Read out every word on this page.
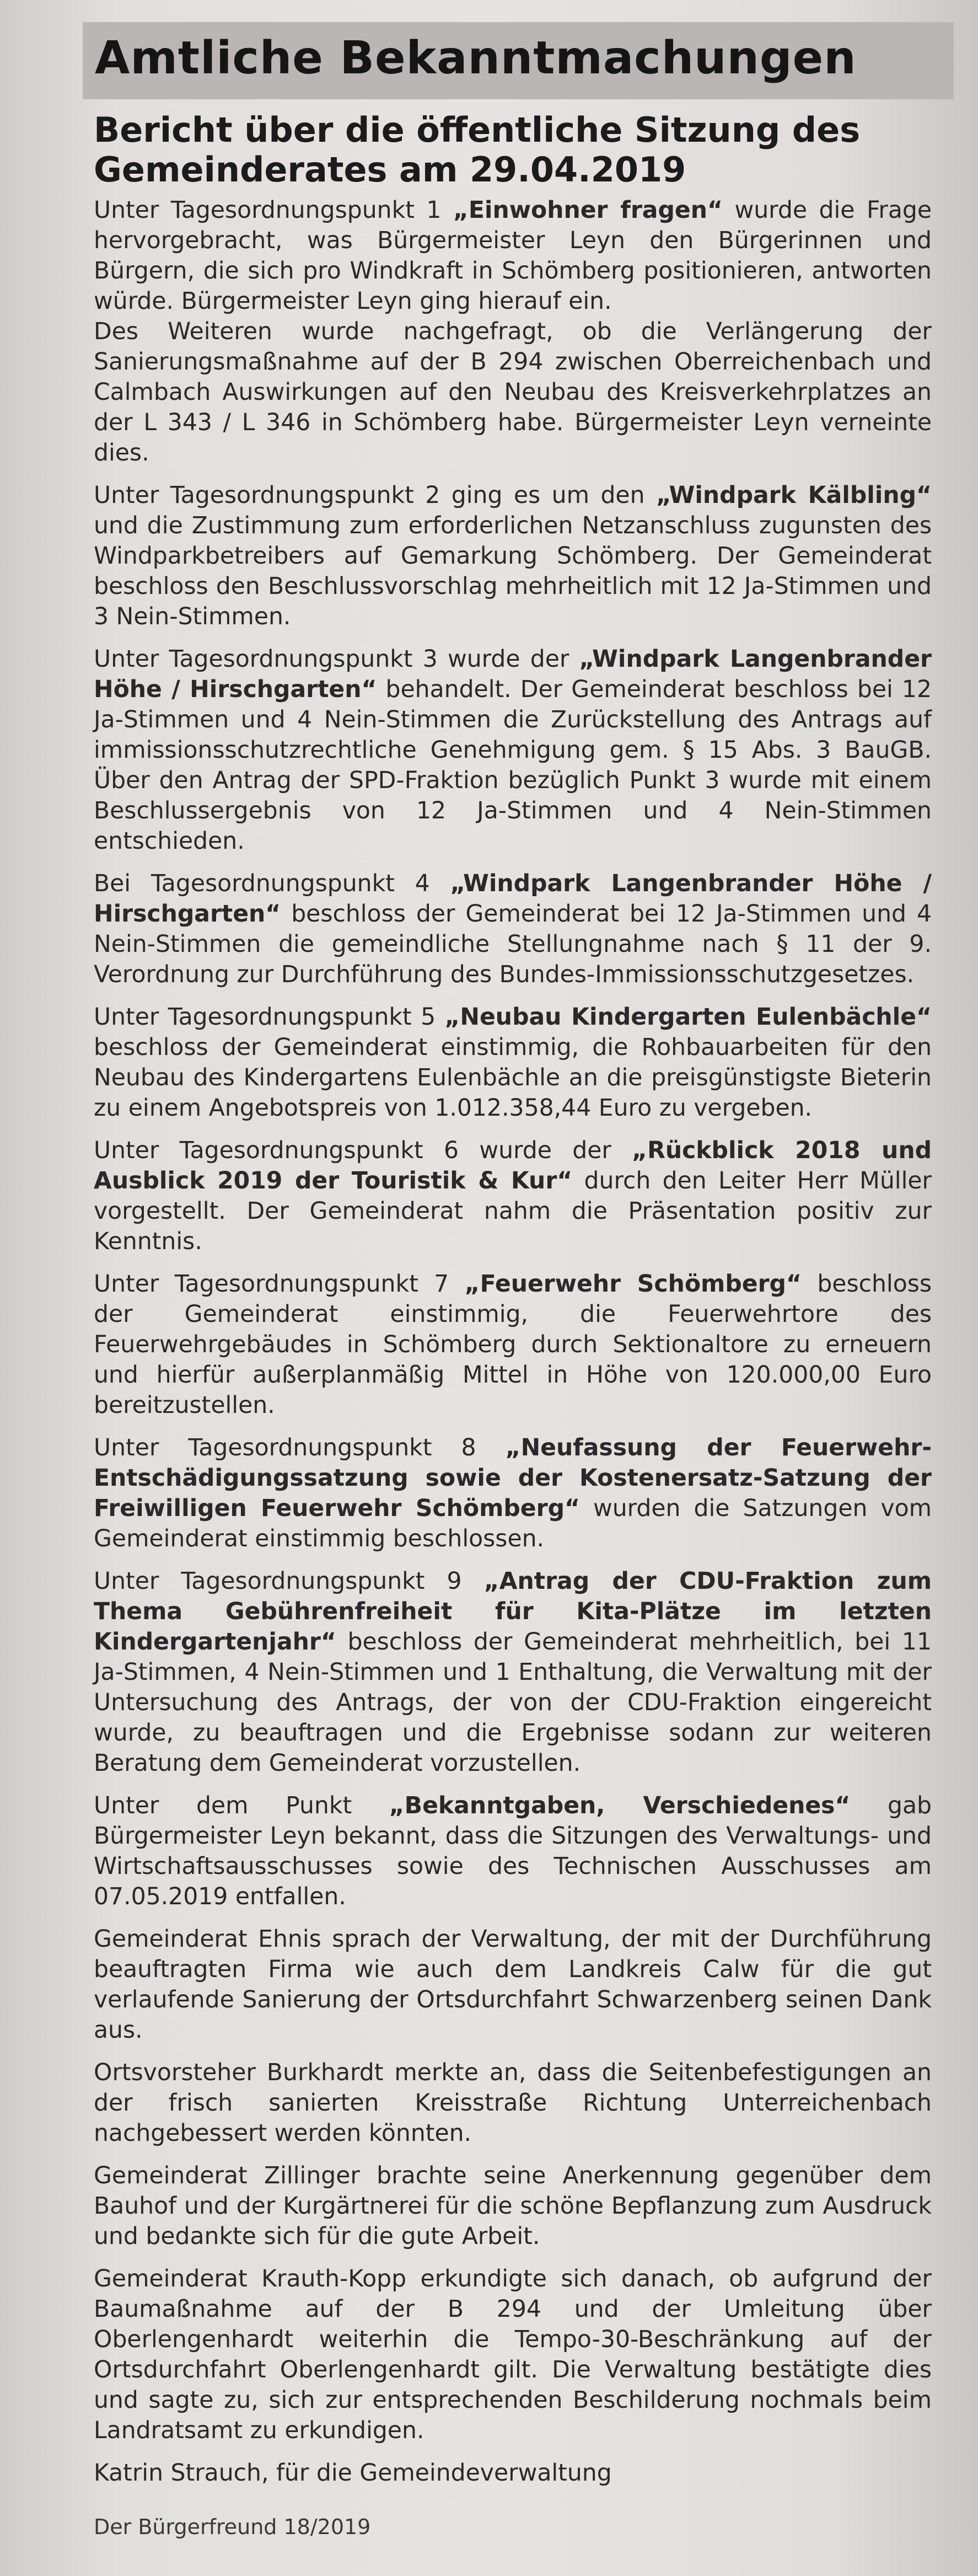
Amtliche Bekanntmachungen
Bericht über die öffentliche Sitzung des Gemeinderates am 29.04.2019

Unter Tagesordnungspunkt 1 „Einwohner fragen“ wurde die Frage hervorgebracht, was Bürgermeister Leyn den Bürgerinnen und Bürgern, die sich pro Windkraft in Schömberg positionieren, antworten würde. Bürgermeister Leyn ging hierauf ein.

Des Weiteren wurde nachgefragt, ob die Verlängerung der Sanierungsmaßnahme auf der B 294 zwischen Oberreichenbach und Calmbach Auswirkungen auf den Neubau des Kreisverkehrplatzes an der L 343 / L 346 in Schömberg habe. Bürgermeister Leyn verneinte dies.

Unter Tagesordnungspunkt 2 ging es um den „Windpark Kälbling“ und die Zustimmung zum erforderlichen Netzanschluss zugunsten des Windparkbetreibers auf Gemarkung Schömberg. Der Gemeinderat beschloss den Beschlussvorschlag mehrheitlich mit 12 Ja-Stimmen und 3 Nein-Stimmen.

Unter Tagesordnungspunkt 3 wurde der „Windpark Langenbrander Höhe / Hirschgarten“ behandelt. Der Gemeinderat beschloss bei 12 Ja-Stimmen und 4 Nein-Stimmen die Zurückstellung des Antrags auf immissionsschutzrechtliche Genehmigung gem. § 15 Abs. 3 BauGB. Über den Antrag der SPD-Fraktion bezüglich Punkt 3 wurde mit einem Beschlussergebnis von 12 Ja-Stimmen und 4 Nein-Stimmen entschieden.

Bei Tagesordnungspunkt 4 „Windpark Langenbrander Höhe / Hirschgarten“ beschloss der Gemeinderat bei 12 Ja-Stimmen und 4 Nein-Stimmen die gemeindliche Stellungnahme nach § 11 der 9. Verordnung zur Durchführung des Bundes-Immissionsschutzgesetzes.

Unter Tagesordnungspunkt 5 „Neubau Kindergarten Eulenbächle“ beschloss der Gemeinderat einstimmig, die Rohbauarbeiten für den Neubau des Kindergartens Eulenbächle an die preisgünstigste Bieterin zu einem Angebotspreis von 1.012.358,44 Euro zu vergeben.

Unter Tagesordnungspunkt 6 wurde der „Rückblick 2018 und Ausblick 2019 der Touristik & Kur“ durch den Leiter Herr Müller vorgestellt. Der Gemeinderat nahm die Präsentation positiv zur Kenntnis.

Unter Tagesordnungspunkt 7 „Feuerwehr Schömberg“ beschloss der Gemeinderat einstimmig, die Feuerwehrtore des Feuerwehrgebäudes in Schömberg durch Sektionaltore zu erneuern und hierfür außerplanmäßig Mittel in Höhe von 120.000,00 Euro bereitzustellen.

Unter Tagesordnungspunkt 8 „Neufassung der Feuerwehr-Entschädigungssatzung sowie der Kostenersatz-Satzung der Freiwilligen Feuerwehr Schömberg“ wurden die Satzungen vom Gemeinderat einstimmig beschlossen.

Unter Tagesordnungspunkt 9 „Antrag der CDU-Fraktion zum Thema Gebührenfreiheit für Kita-Plätze im letzten Kindergartenjahr“ beschloss der Gemeinderat mehrheitlich, bei 11 Ja-Stimmen, 4 Nein-Stimmen und 1 Enthaltung, die Verwaltung mit der Untersuchung des Antrags, der von der CDU-Fraktion eingereicht wurde, zu beauftragen und die Ergebnisse sodann zur weiteren Beratung dem Gemeinderat vorzustellen.

Unter dem Punkt „Bekanntgaben, Verschiedenes“ gab Bürgermeister Leyn bekannt, dass die Sitzungen des Verwaltungs- und Wirtschaftsausschusses sowie des Technischen Ausschusses am 07.05.2019 entfallen.

Gemeinderat Ehnis sprach der Verwaltung, der mit der Durchführung beauftragten Firma wie auch dem Landkreis Calw für die gut verlaufende Sanierung der Ortsdurchfahrt Schwarzenberg seinen Dank aus.

Ortsvorsteher Burkhardt merkte an, dass die Seitenbefestigungen an der frisch sanierten Kreisstraße Richtung Unterreichenbach nachgebessert werden könnten.

Gemeinderat Zillinger brachte seine Anerkennung gegenüber dem Bauhof und der Kurgärtnerei für die schöne Bepflanzung zum Ausdruck und bedankte sich für die gute Arbeit.

Gemeinderat Krauth-Kopp erkundigte sich danach, ob aufgrund der Baumaßnahme auf der B 294 und der Umleitung über Oberlengenhardt weiterhin die Tempo-30-Beschränkung auf der Ortsdurchfahrt Oberlengenhardt gilt. Die Verwaltung bestätigte dies und sagte zu, sich zur entsprechenden Beschilderung nochmals beim Landratsamt zu erkundigen.

Katrin Strauch, für die Gemeindeverwaltung

Der Bürgerfreund 18/2019
